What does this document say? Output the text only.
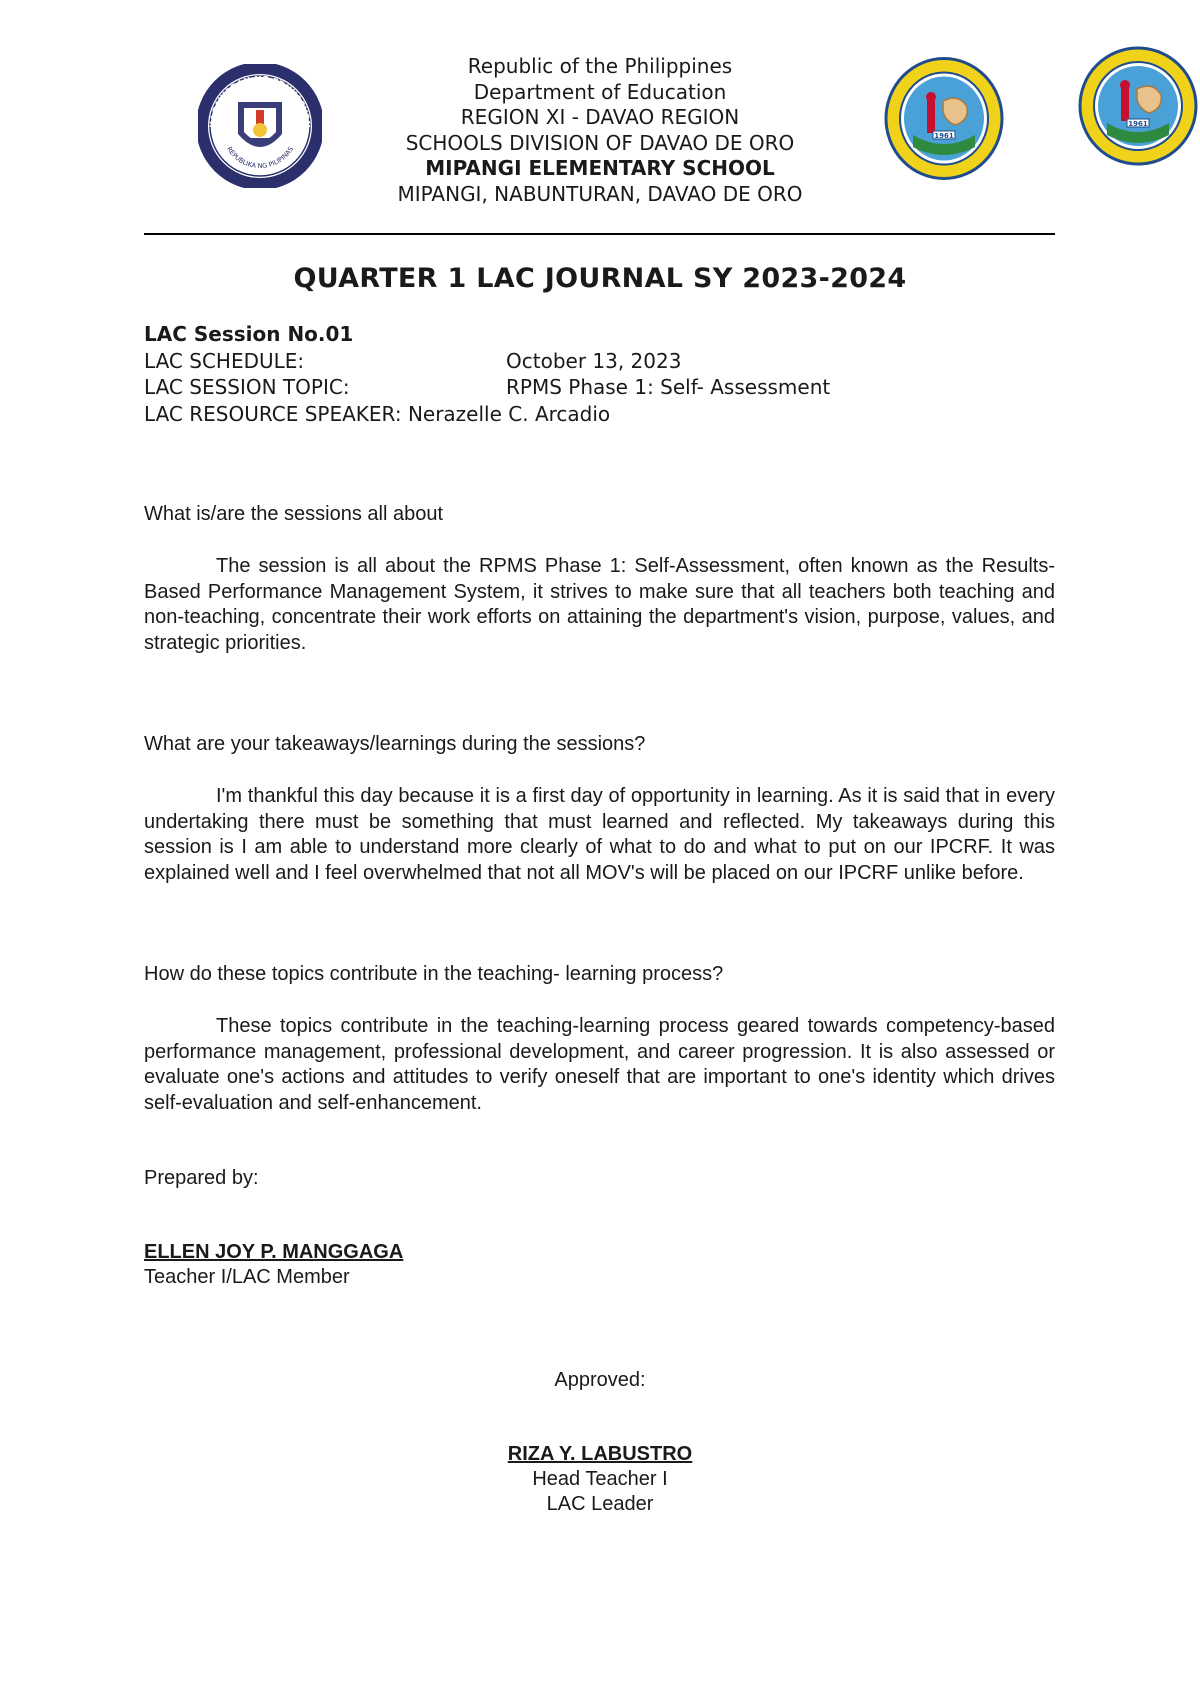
KAGAWARAN NG EDUKASYON
REPUBLIKA NG PILIPINAS
1961
1961
Republic of the Philippines
Department of Education
REGION XI - DAVAO REGION
SCHOOLS DIVISION OF DAVAO DE ORO
MIPANGI ELEMENTARY SCHOOL
MIPANGI, NABUNTURAN, DAVAO DE ORO
QUARTER 1 LAC JOURNAL SY 2023-2024
LAC Session No.01
LAC SCHEDULE:	October 13, 2023
LAC SESSION TOPIC:	RPMS Phase 1: Self- Assessment
LAC RESOURCE SPEAKER: Nerazelle C. Arcadio
What is/are the sessions all about
The session is all about the RPMS Phase 1: Self-Assessment, often known as the Results-Based Performance Management System, it strives to make sure that all teachers both teaching and non-teaching, concentrate their work efforts on attaining the department's vision, purpose, values, and strategic priorities.
What are your takeaways/learnings during the sessions?
I'm thankful this day because it is a first day of opportunity in learning. As it is said that in every undertaking there must be something that must learned and reflected. My takeaways during this session is I am able to understand more clearly of what to do and what to put on our IPCRF. It was explained well and I feel overwhelmed that not all MOV's will be placed on our IPCRF unlike before.
How do these topics contribute in the teaching- learning process?
These topics contribute in the teaching-learning process geared towards competency-based performance management, professional development, and career progression. It is also assessed or evaluate one's actions and attitudes to verify oneself that are important to one's identity which drives self-evaluation and self-enhancement.
Prepared by:
ELLEN JOY P. MANGGAGA
Teacher I/LAC Member
Approved:
RIZA Y. LABUSTRO
Head Teacher I
LAC Leader
